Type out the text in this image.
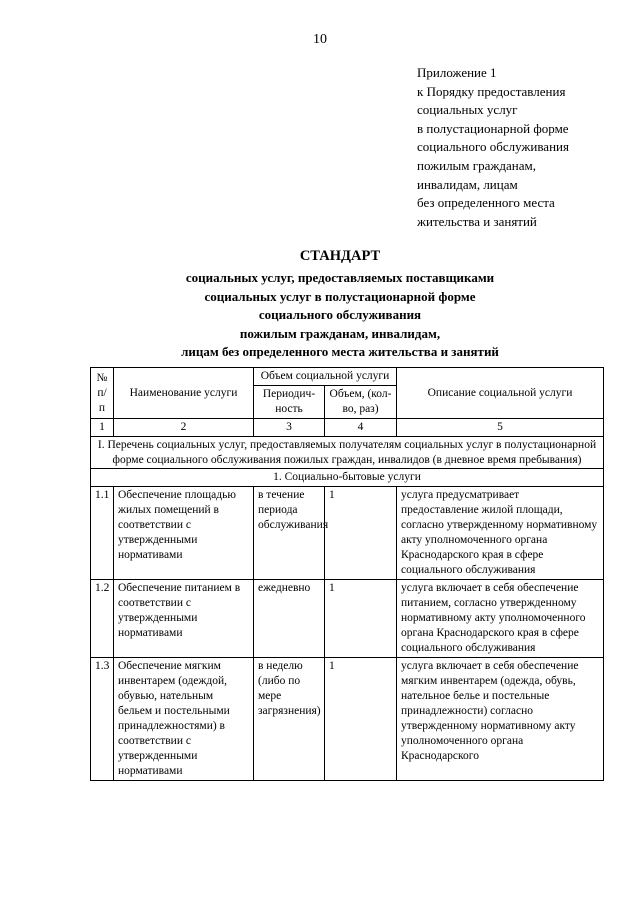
10
Приложение 1
к Порядку предоставления
социальных услуг
в полустационарной форме
социального обслуживания
пожилым гражданам,
инвалидам, лицам
без определенного места
жительства и занятий
СТАНДАРТ
социальных услуг, предоставляемых поставщиками
социальных услуг в полустационарной форме
социального обслуживания
пожилым гражданам, инвалидам,
лицам без определенного места жительства и занятий
№ п/п	Наименование услуги	Объем социальной услуги		Описание социальной услуги
		Периодич-ность	Объем, (кол-во, раз)	
1	2	3	4	5
I. Перечень социальных услуг, предоставляемых получателям социальных услуг в полустационарной форме социального обслуживания пожилых граждан, инвалидов (в дневное время пребывания)				
1. Социально-бытовые услуги				
1.1	Обеспечение площадью жилых помещений в соответствии с утвержденными нормативами	в течение периода обслуживания	1	услуга предусматривает предоставление жилой площади, согласно утвержденному нормативному акту уполномоченного органа Краснодарского края в сфере социального обслуживания
1.2	Обеспечение питанием в соответствии с утвержденными нормативами	ежедневно	1	услуга включает в себя обеспечение питанием, согласно утвержденному нормативному акту уполномоченного органа Краснодарского края в сфере социального обслуживания
1.3	Обеспечение мягким инвентарем (одеждой, обувью, нательным бельем и постельными принадлежностями) в соответствии с утвержденными нормативами	в неделю (либо по мере загрязнения)	1	услуга включает в себя обеспечение мягким инвентарем (одежда, обувь, нательное белье и постельные принадлежности) согласно утвержденному нормативному акту уполномоченного органа Краснодарского
